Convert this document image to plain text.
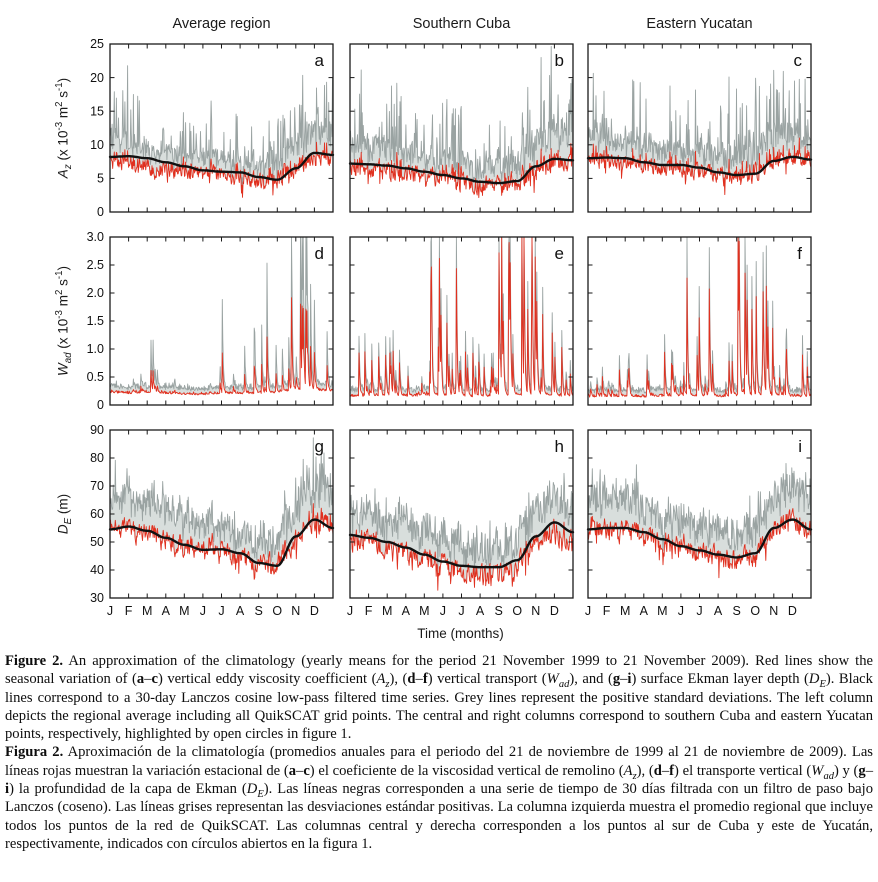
Average region	Southern Cuba	Eastern Yucatan
$A_z$ (x $10^{-3}$ $m^2$ $s^{-1}$)
$W_{ad}$ (x $10^{-3}$ $m^2$ $s^{-1}$)
$D_E$ (m)
0
5
10
15
20
25
a	b	c
0
0.5
1.0
1.5
2.0
2.5
3.0
d	e	f
30
40
50
60
70
80
90
J F M A M J J A S O N D
g
J F M A M J J A S O N D
h
J F M A M J J A S O N D
i
Time (months)

Figure 2. An approximation of the climatology (yearly means for the period 21 November 1999 to 21 November 2009). Red lines show the seasonal variation of (a–c) vertical eddy viscosity coefficient $(A_z)$, (d–f) vertical transport $(W_{ad})$, and (g–i) surface Ekman layer depth $(D_E)$. Black lines correspond to a 30-day Lanczos cosine low-pass filtered time series. Grey lines represent the positive standard deviations. The left column depicts the regional average including all QuikSCAT grid points. The central and right columns correspond to southern Cuba and eastern Yucatan points, respectively, highlighted by open circles in figure 1.

Figura 2. Aproximación de la climatología (promedios anuales para el periodo del 21 de noviembre de 1999 al 21 de noviembre de 2009). Las líneas rojas muestran la variación estacional de (a–c) el coeficiente de la viscosidad vertical de remolino $(A_z)$, (d–f) el transporte vertical $(W_{ad})$ y (g–i) la profundidad de la capa de Ekman $(D_E)$. Las líneas negras corresponden a una serie de tiempo de 30 días filtrada con un filtro de paso bajo Lanczos (coseno). Las líneas grises representan las desviaciones estándar positivas. La columna izquierda muestra el promedio regional que incluye todos los puntos de la red de QuikSCAT. Las columnas central y derecha corresponden a los puntos al sur de Cuba y este de Yucatán, respectivamente, indicados con círculos abiertos en la figura 1.
